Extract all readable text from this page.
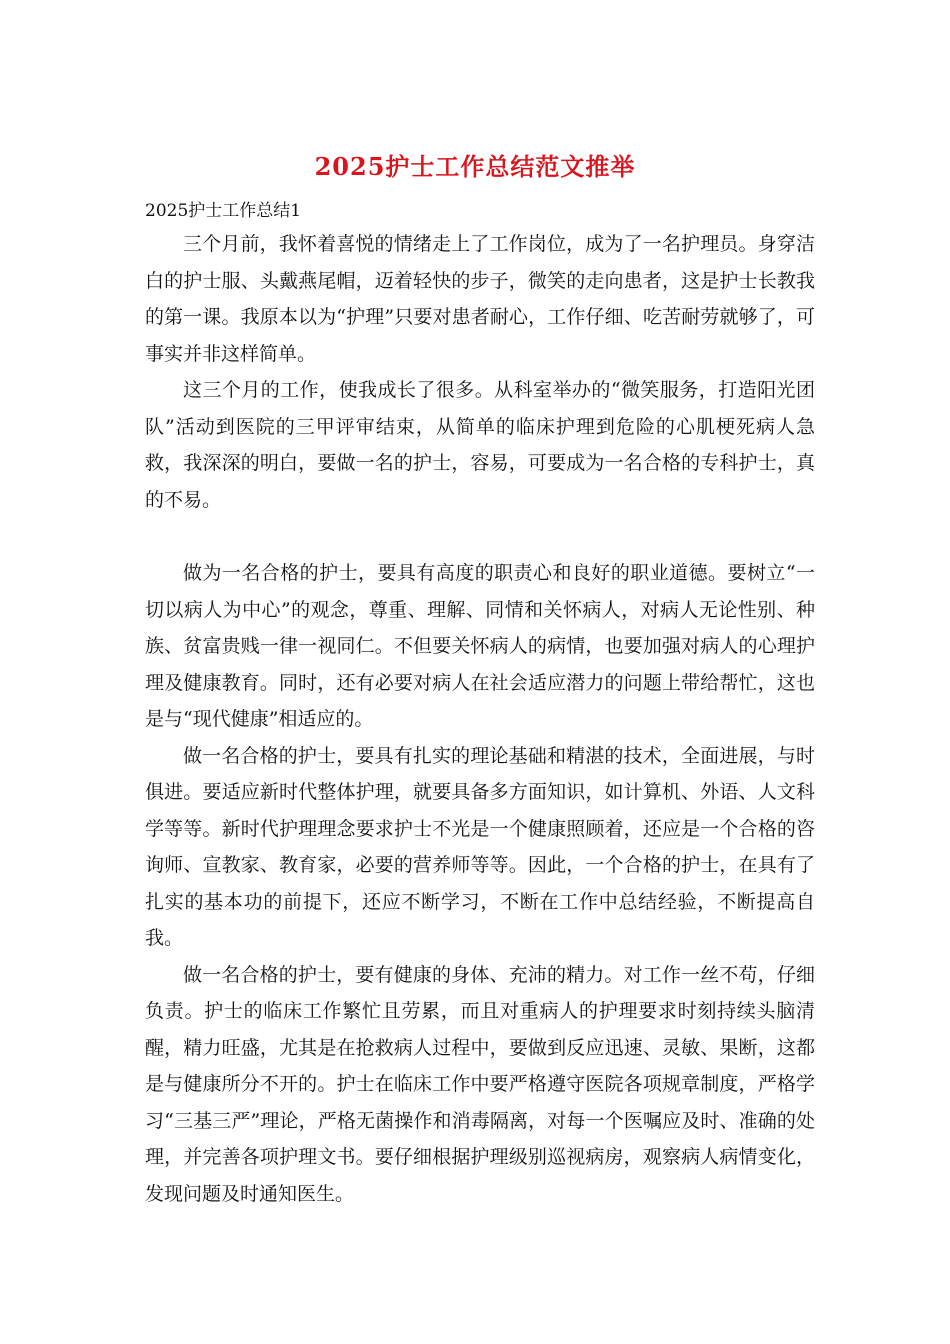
2025护士工作总结范文推举
2025护士工作总结1

三个月前，我怀着喜悦的情绪走上了工作岗位，成为了一名护理员。身穿洁白的护士服、头戴燕尾帽，迈着轻快的步子，微笑的走向患者，这是护士长教我的第一课。我原本以为“护理”只要对患者耐心，工作仔细、吃苦耐劳就够了，可事实并非这样简单。

这三个月的工作，使我成长了很多。从科室举办的“微笑服务，打造阳光团队”活动到医院的三甲评审结束，从简单的临床护理到危险的心肌梗死病人急救，我深深的明白，要做一名的护士，容易，可要成为一名合格的专科护士，真的不易。

做为一名合格的护士，要具有高度的职责心和良好的职业道德。要树立“一切以病人为中心”的观念，尊重、理解、同情和关怀病人，对病人无论性别、种族、贫富贵贱一律一视同仁。不但要关怀病人的病情，也要加强对病人的心理护理及健康教育。同时，还有必要对病人在社会适应潜力的问题上带给帮忙，这也是与“现代健康”相适应的。

做一名合格的护士，要具有扎实的理论基础和精湛的技术，全面进展，与时俱进。要适应新时代整体护理，就要具备多方面知识，如计算机、外语、人文科学等等。新时代护理理念要求护士不光是一个健康照顾着，还应是一个合格的咨询师、宣教家、教育家，必要的营养师等等。因此，一个合格的护士，在具有了扎实的基本功的前提下，还应不断学习，不断在工作中总结经验，不断提高自我。

做一名合格的护士，要有健康的身体、充沛的精力。对工作一丝不苟，仔细负责。护士的临床工作繁忙且劳累，而且对重病人的护理要求时刻持续头脑清醒，精力旺盛，尤其是在抢救病人过程中，要做到反应迅速、灵敏、果断，这都是与健康所分不开的。护士在临床工作中要严格遵守医院各项规章制度，严格学习“三基三严”理论，严格无菌操作和消毒隔离，对每一个医嘱应及时、准确的处理，并完善各项护理文书。要仔细根据护理级别巡视病房，观察病人病情变化，发现问题及时通知医生。
